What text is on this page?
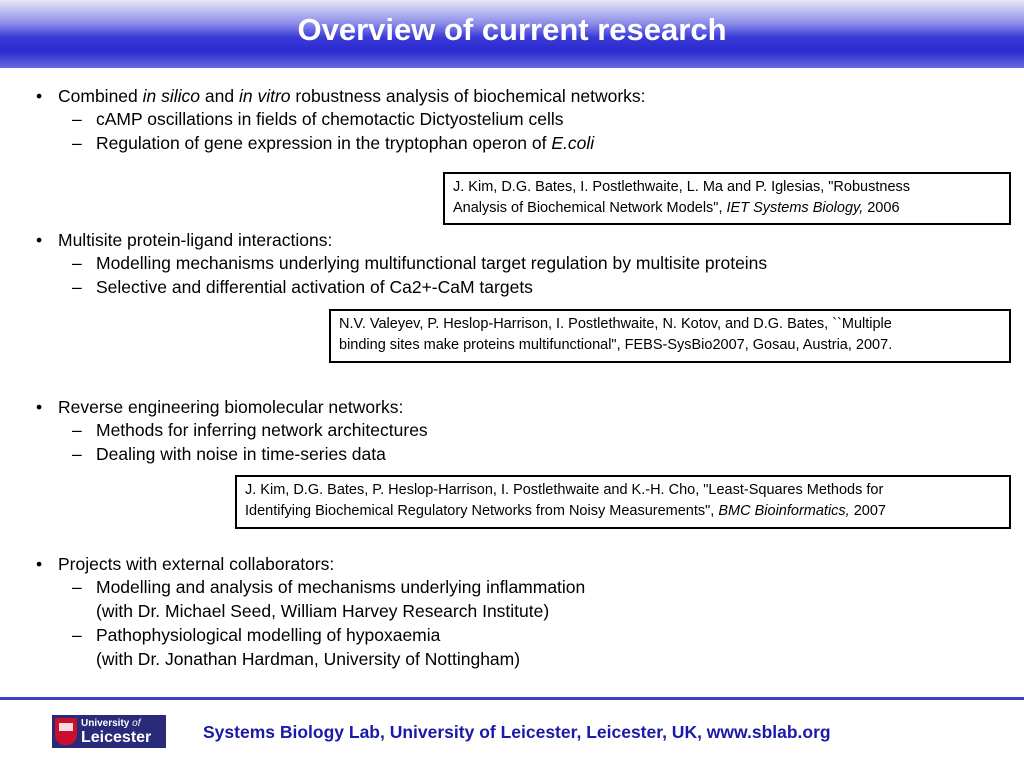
Overview of current research
• Combined in silico and in vitro robustness analysis of biochemical networks:
– cAMP oscillations in fields of chemotactic Dictyostelium cells
– Regulation of gene expression in the tryptophan operon of E.coli
J. Kim, D.G. Bates, I. Postlethwaite, L. Ma and P. Iglesias, "Robustness
Analysis of Biochemical Network Models", IET Systems Biology, 2006
• Multisite protein-ligand interactions:
– Modelling mechanisms underlying multifunctional target regulation by multisite proteins
– Selective and differential activation of Ca2+-CaM targets
N.V. Valeyev, P. Heslop-Harrison, I. Postlethwaite, N. Kotov, and D.G. Bates, ``Multiple
binding sites make proteins multifunctional", FEBS-SysBio2007, Gosau, Austria, 2007.
• Reverse engineering biomolecular networks:
– Methods for inferring network architectures
– Dealing with noise in time-series data
J. Kim, D.G. Bates, P. Heslop-Harrison, I. Postlethwaite and K.-H. Cho, "Least-Squares Methods for
Identifying Biochemical Regulatory Networks from Noisy Measurements", BMC Bioinformatics, 2007
• Projects with external collaborators:
– Modelling and analysis of mechanisms underlying inflammation
(with Dr. Michael Seed, William Harvey Research Institute)
– Pathophysiological modelling of hypoxaemia
(with Dr. Jonathan Hardman, University of Nottingham)
University of
Leicester	Systems Biology Lab, University of Leicester, Leicester, UK, www.sblab.org
